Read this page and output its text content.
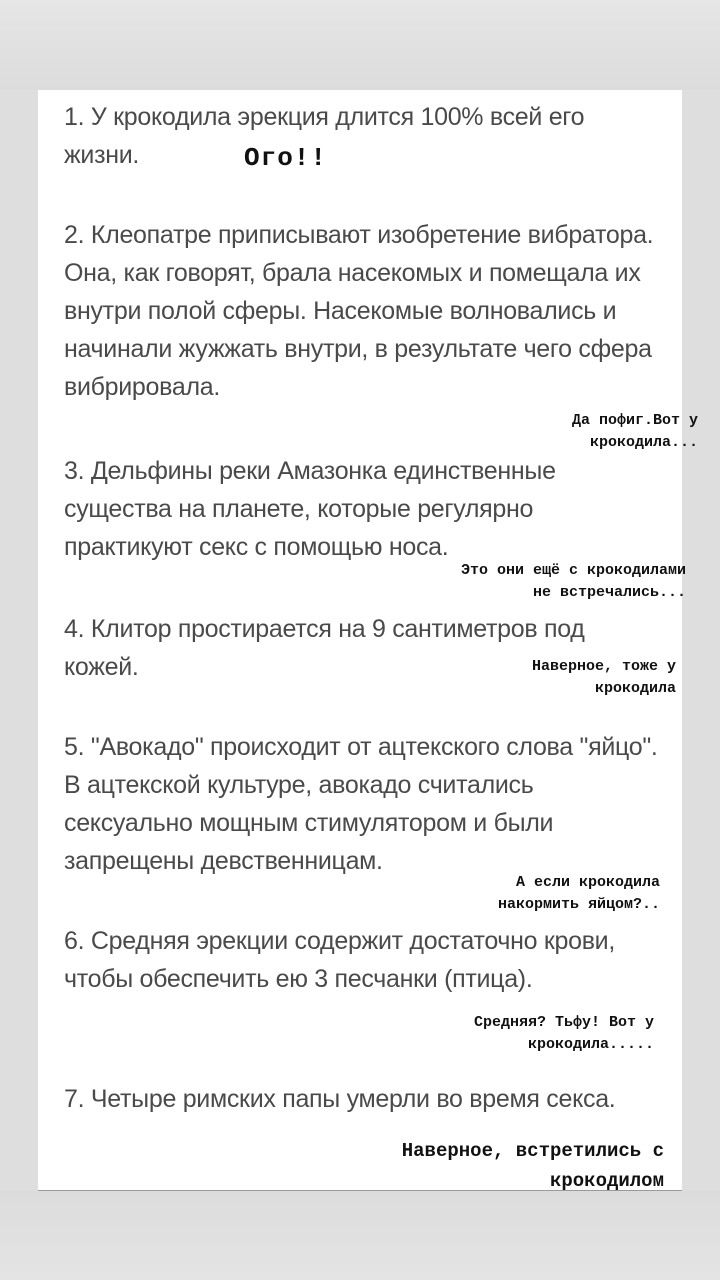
1. У крокодила эрекция длится 100% всей его жизни.

2. Клеопатре приписывают изобретение вибратора. Она, как говорят, брала насекомых и помещала их внутри полой сферы. Насекомые волновались и начинали жужжать внутри, в результате чего сфера вибрировала.

3. Дельфины реки Амазонка единственные существа на планете, которые регулярно практикуют секс с помощью носа.

4. Клитор простирается на 9 сантиметров под кожей.

5. "Авокадо" происходит от ацтекского слова "яйцо". В ацтекской культуре, авокадо считались сексуально мощным стимулятором и были запрещены девственницам.

6. Средняя эрекции содержит достаточно крови, чтобы обеспечить ею 3 песчанки (птица).

7. Четыре римских папы умерли во время секса.

Ого!!

Да пофиг.Вот у
крокодила...

Это они ещё с крокодилами
не встречались...

Наверное, тоже у
крокодила

А если крокодила
накормить яйцом?..

Средняя? Тьфу! Вот у
крокодила.....

Наверное, встретились с
крокодилом
